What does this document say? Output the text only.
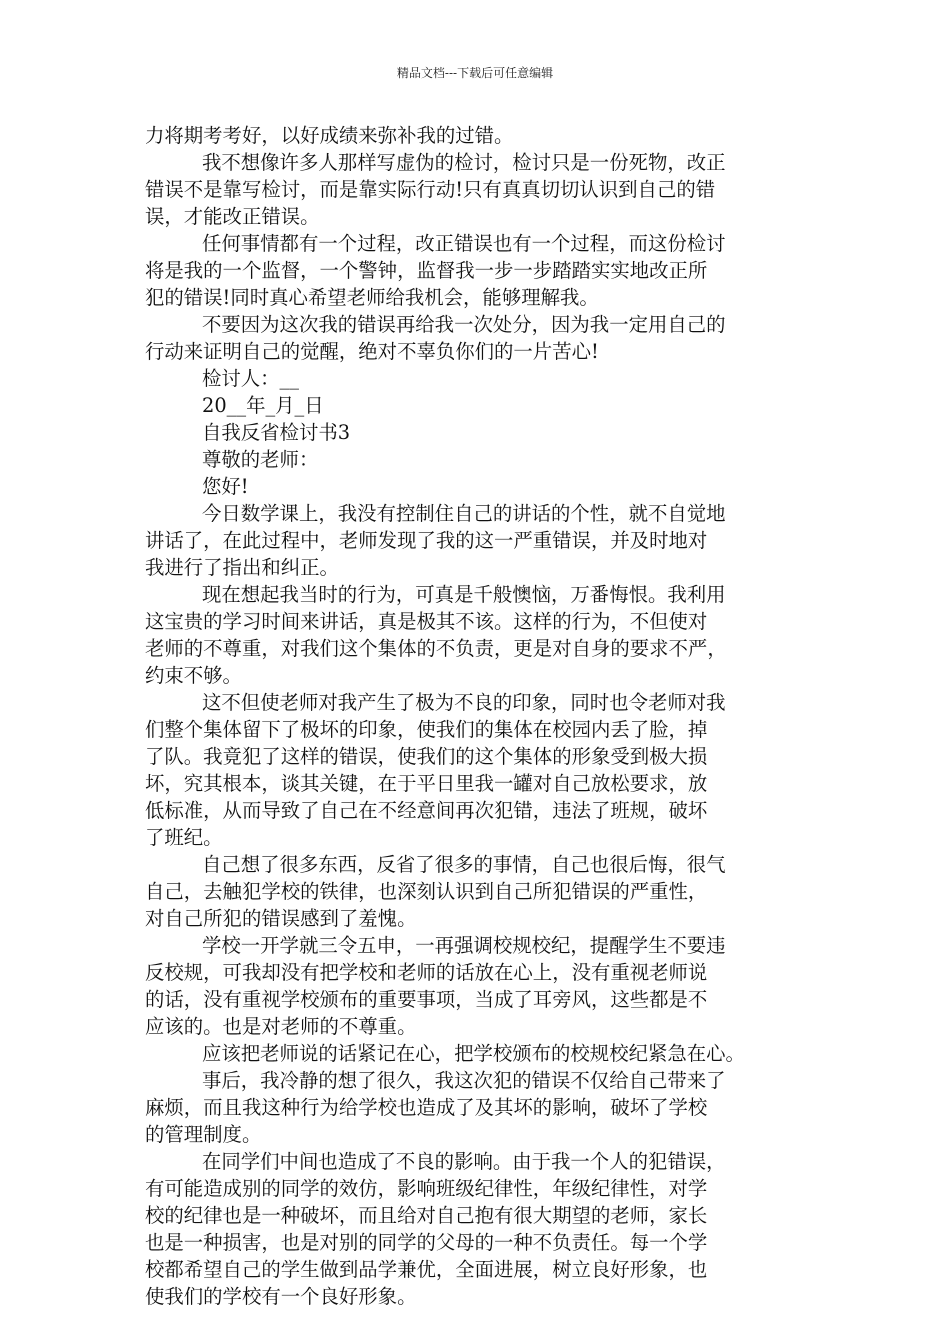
精品文档---下载后可任意编辑
力将期考考好，以好成绩来弥补我的过错。
我不想像许多人那样写虚伪的检讨，检讨只是一份死物，改正
错误不是靠写检讨，而是靠实际行动!只有真真切切认识到自己的错
误，才能改正错误。
任何事情都有一个过程，改正错误也有一个过程，而这份检讨
将是我的一个监督，一个警钟，监督我一步一步踏踏实实地改正所
犯的错误!同时真心希望老师给我机会，能够理解我。
不要因为这次我的错误再给我一次处分，因为我一定用自己的
行动来证明自己的觉醒，绝对不辜负你们的一片苦心!
检讨人：__
20__年_月_日
自我反省检讨书3
尊敬的老师：
您好!
今日数学课上，我没有控制住自己的讲话的个性，就不自觉地
讲话了，在此过程中，老师发现了我的这一严重错误，并及时地对
我进行了指出和纠正。
现在想起我当时的行为，可真是千般懊恼，万番悔恨。我利用
这宝贵的学习时间来讲话，真是极其不该。这样的行为，不但使对
老师的不尊重，对我们这个集体的不负责，更是对自身的要求不严，
约束不够。
这不但使老师对我产生了极为不良的印象，同时也令老师对我
们整个集体留下了极坏的印象，使我们的集体在校园内丢了脸，掉
了队。我竟犯了这样的错误，使我们的这个集体的形象受到极大损
坏，究其根本，谈其关键，在于平日里我一罐对自己放松要求，放
低标准，从而导致了自己在不经意间再次犯错，违法了班规，破坏
了班纪。
自己想了很多东西，反省了很多的事情，自己也很后悔，很气
自己，去触犯学校的铁律，也深刻认识到自己所犯错误的严重性，
对自己所犯的错误感到了羞愧。
学校一开学就三令五申，一再强调校规校纪，提醒学生不要违
反校规，可我却没有把学校和老师的话放在心上，没有重视老师说
的话，没有重视学校颁布的重要事项，当成了耳旁风，这些都是不
应该的。也是对老师的不尊重。
应该把老师说的话紧记在心，把学校颁布的校规校纪紧急在心。
事后，我冷静的想了很久，我这次犯的错误不仅给自己带来了
麻烦，而且我这种行为给学校也造成了及其坏的影响，破坏了学校
的管理制度。
在同学们中间也造成了不良的影响。由于我一个人的犯错误，
有可能造成别的同学的效仿，影响班级纪律性，年级纪律性，对学
校的纪律也是一种破坏，而且给对自己抱有很大期望的老师，家长
也是一种损害，也是对别的同学的父母的一种不负责任。每一个学
校都希望自己的学生做到品学兼优，全面进展，树立良好形象，也
使我们的学校有一个良好形象。
